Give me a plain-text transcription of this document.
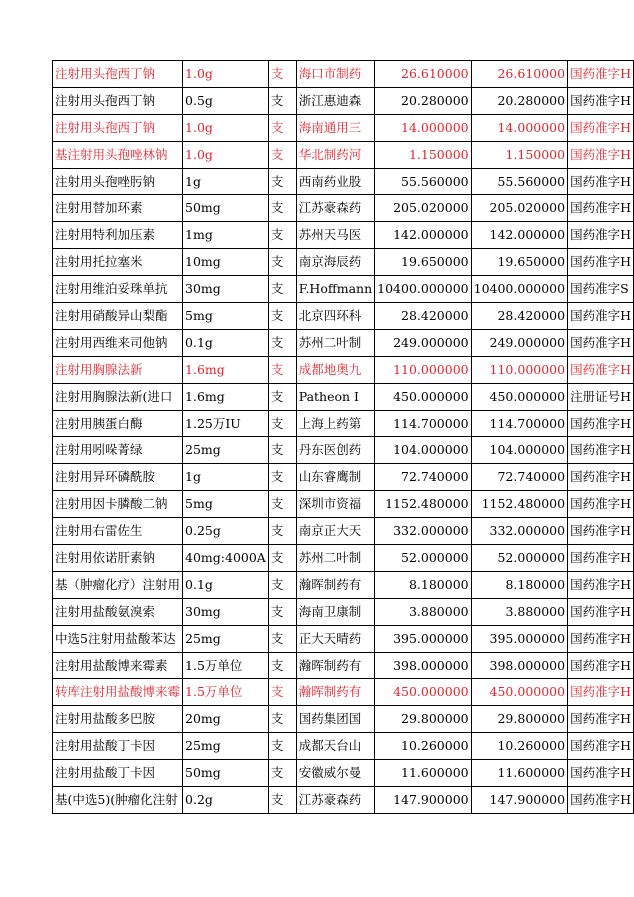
注射用头孢西丁钠	1.0g	支	海口市制药	26.610000	26.610000	国药准字H
注射用头孢西丁钠	0.5g	支	浙江惠迪森	20.280000	20.280000	国药准字H
注射用头孢西丁钠	1.0g	支	海南通用三	14.000000	14.000000	国药准字H
基注射用头孢唑林钠	1.0g	支	华北制药河	1.150000	1.150000	国药准字H
注射用头孢唑肟钠	1g	支	西南药业股	55.560000	55.560000	国药准字H
注射用替加环素	50mg	支	江苏豪森药	205.020000	205.020000	国药准字H
注射用特利加压素	1mg	支	苏州天马医	142.000000	142.000000	国药准字H
注射用托拉塞米	10mg	支	南京海辰药	19.650000	19.650000	国药准字H
注射用维泊妥珠单抗	30mg	支	F.Hoffmann	10400.000000	10400.000000	国药准字S
注射用硝酸异山梨酯	5mg	支	北京四环科	28.420000	28.420000	国药准字H
注射用西维来司他钠	0.1g	支	苏州二叶制	249.000000	249.000000	国药准字H
注射用胸腺法新	1.6mg	支	成都地奥九	110.000000	110.000000	国药准字H
注射用胸腺法新(进口	1.6mg	支	Patheon I	450.000000	450.000000	注册证号H
注射用胰蛋白酶	1.25万IU	支	上海上药第	114.700000	114.700000	国药准字H
注射用吲哚菁绿	25mg	支	丹东医创药	104.000000	104.000000	国药准字H
注射用异环磷酰胺	1g	支	山东睿鹰制	72.740000	72.740000	国药准字H
注射用因卡膦酸二钠	5mg	支	深圳市资福	1152.480000	1152.480000	国药准字H
注射用右雷佐生	0.25g	支	南京正大天	332.000000	332.000000	国药准字H
注射用依诺肝素钠	40mg:4000A	支	苏州二叶制	52.000000	52.000000	国药准字H
基（肿瘤化疗）注射用	0.1g	支	瀚晖制药有	8.180000	8.180000	国药准字H
注射用盐酸氨溴索	30mg	支	海南卫康制	3.880000	3.880000	国药准字H
中选5注射用盐酸苯达	25mg	支	正大天晴药	395.000000	395.000000	国药准字H
注射用盐酸博来霉素	1.5万单位	支	瀚晖制药有	398.000000	398.000000	国药准字H
转库注射用盐酸博来霉	1.5万单位	支	瀚晖制药有	450.000000	450.000000	国药准字H
注射用盐酸多巴胺	20mg	支	国药集团国	29.800000	29.800000	国药准字H
注射用盐酸丁卡因	25mg	支	成都天台山	10.260000	10.260000	国药准字H
注射用盐酸丁卡因	50mg	支	安徽威尔曼	11.600000	11.600000	国药准字H
基(中选5)(肿瘤化注射	0.2g	支	江苏豪森药	147.900000	147.900000	国药准字H
